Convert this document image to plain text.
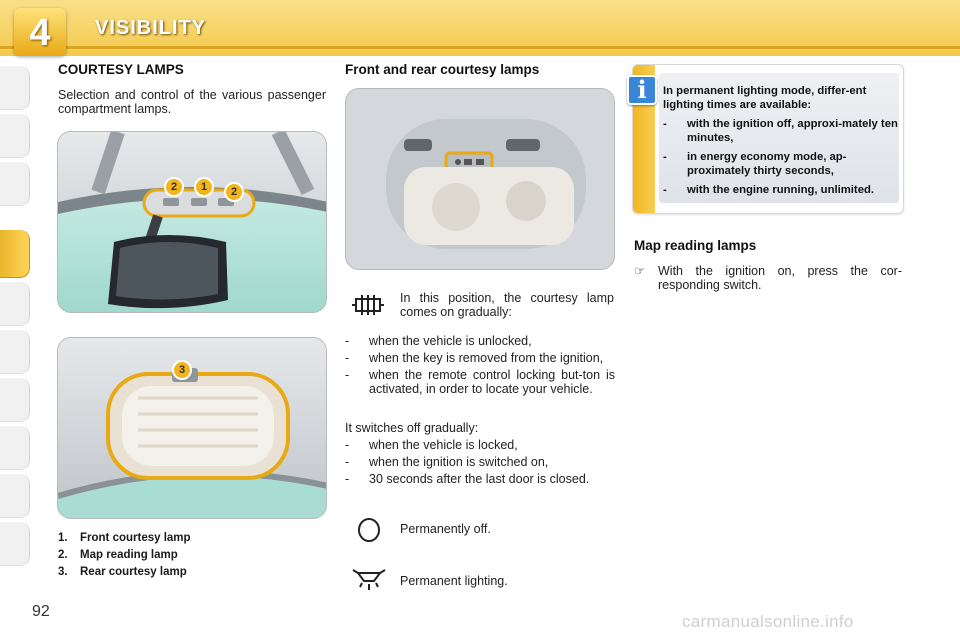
4	VISIBILITY
COURTESY LAMPS
Selection and control of the various passenger compartment lamps.
2	1	2
3
1.	Front courtesy lamp
2.	Map reading lamp
3.	Rear courtesy lamp
Front and rear courtesy lamps
In this position, the courtesy lamp comes on gradually:
- when the vehicle is unlocked,
- when the key is removed from the ignition,
- when the remote control locking but-ton is activated, in order to locate your vehicle.
It switches off gradually:
- when the vehicle is locked,
- when the ignition is switched on,
- 30 seconds after the last door is closed.
Permanently off.
Permanent lighting.
i	In permanent lighting mode, differ-ent lighting times are available:
- with the ignition off, approxi-mately ten minutes,
- in energy economy mode, ap-proximately thirty seconds,
- with the engine running, unlimited.
Map reading lamps
☞ With the ignition on, press the cor-responding switch.
92
carmanualsonline.info
